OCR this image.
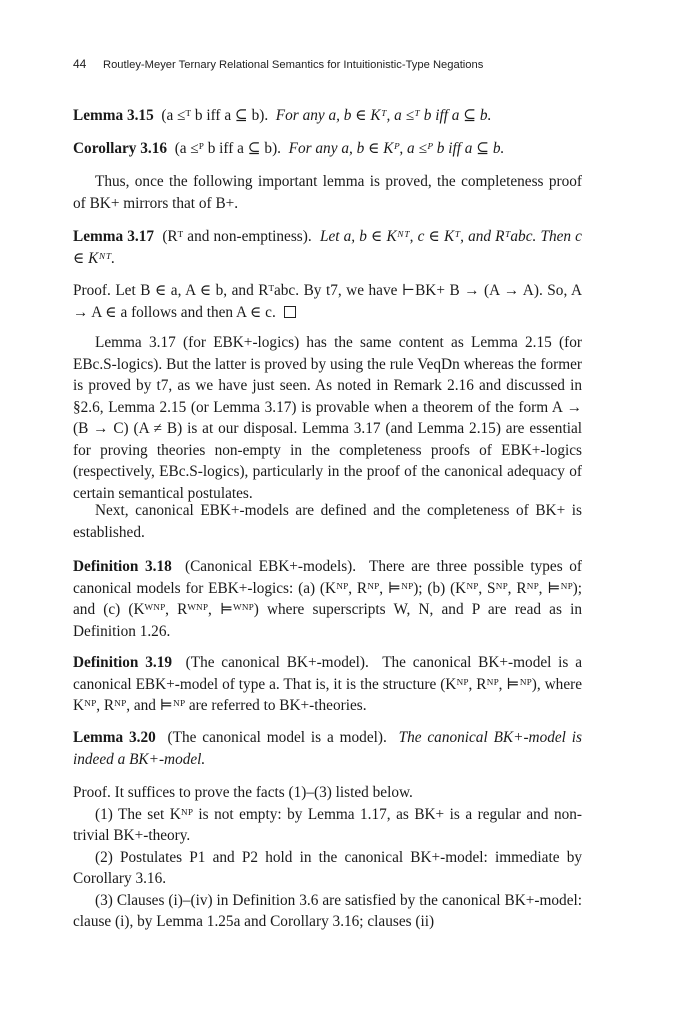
44 Routley-Meyer Ternary Relational Semantics for Intuitionistic-Type Negations
Lemma 3.15 (a ≤ᵀ b iff a ⊆ b). For any a, b ∈ Kᵀ, a ≤ᵀ b iff a ⊆ b.
Corollary 3.16 (a ≤ᴾ b iff a ⊆ b). For any a, b ∈ Kᴾ, a ≤ᴾ b iff a ⊆ b.

Thus, once the following important lemma is proved, the completeness proof of BK+ mirrors that of B+.

Lemma 3.17 (Rᵀ and non-emptiness). Let a, b ∈ Kᴺᵀ, c ∈ Kᵀ, and Rᵀabc. Then c ∈ Kᴺᵀ.

Proof. Let B ∈ a, A ∈ b, and Rᵀabc. By t7, we have ⊢BK+ B → (A → A). So, A → A ∈ a follows and then A ∈ c.

Lemma 3.17 (for EBK+-logics) has the same content as Lemma 2.15 (for EBc.S-logics). But the latter is proved by using the rule VeqDn whereas the former is proved by t7, as we have just seen. As noted in Remark 2.16 and discussed in §2.6, Lemma 2.15 (or Lemma 3.17) is provable when a theorem of the form A → (B → C) (A ≠ B) is at our disposal. Lemma 3.17 (and Lemma 2.15) are essential for proving theories non-empty in the completeness proofs of EBK+-logics (respectively, EBc.S-logics), particularly in the proof of the canonical adequacy of certain semantical postulates.

Next, canonical EBK+-models are defined and the completeness of BK+ is established.

Definition 3.18 (Canonical EBK+-models). There are three possible types of canonical models for EBK+-logics: (a) (Kᴺᴾ, Rᴺᴾ, ⊨ᴺᴾ); (b) (Kᴺᴾ, Sᴺᴾ, Rᴺᴾ, ⊨ᴺᴾ); and (c) (Kᵂᴺᴾ, Rᵂᴺᴾ, ⊨ᵂᴺᴾ) where superscripts W, N, and P are read as in Definition 1.26.

Definition 3.19 (The canonical BK+-model). The canonical BK+-model is a canonical EBK+-model of type a. That is, it is the structure (Kᴺᴾ, Rᴺᴾ, ⊨ᴺᴾ), where Kᴺᴾ, Rᴺᴾ, and ⊨ᴺᴾ are referred to BK+-theories.

Lemma 3.20 (The canonical model is a model). The canonical BK+-model is indeed a BK+-model.

Proof. It suffices to prove the facts (1)–(3) listed below.

(1) The set Kᴺᴾ is not empty: by Lemma 1.17, as BK+ is a regular and non-trivial BK+-theory.

(2) Postulates P1 and P2 hold in the canonical BK+-model: immediate by Corollary 3.16.

(3) Clauses (i)–(iv) in Definition 3.6 are satisfied by the canonical BK+-model: clause (i), by Lemma 1.25a and Corollary 3.16; clauses (ii)
